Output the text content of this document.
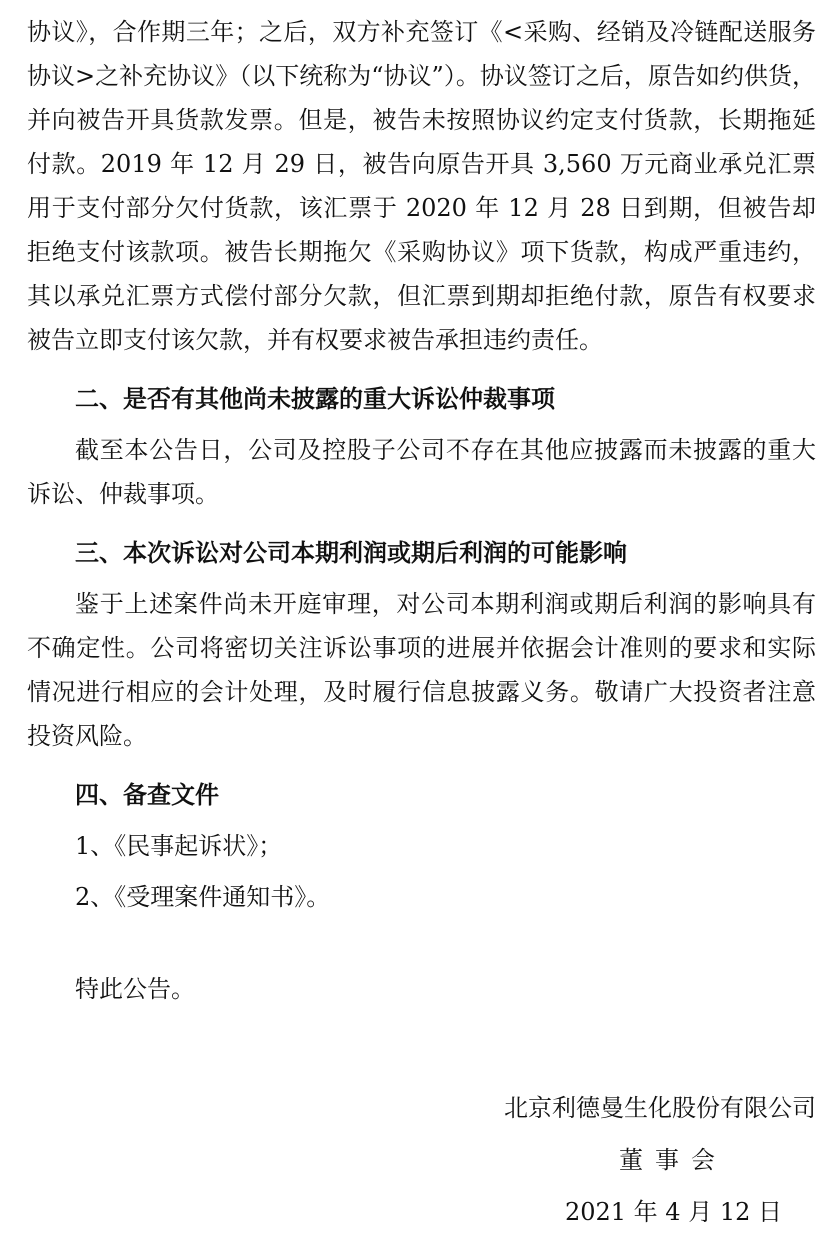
协议》，合作期三年；之后，双方补充签订《<采购、经销及冷链配送服务协议>之补充协议》（以下统称为“协议”）。协议签订之后，原告如约供货，并向被告开具货款发票。但是，被告未按照协议约定支付货款，长期拖延付款。2019 年 12 月 29 日，被告向原告开具 3,560 万元商业承兑汇票用于支付部分欠付货款，该汇票于 2020 年 12 月 28 日到期，但被告却拒绝支付该款项。被告长期拖欠《采购协议》项下货款，构成严重违约，其以承兑汇票方式偿付部分欠款，但汇票到期却拒绝付款，原告有权要求被告立即支付该欠款，并有权要求被告承担违约责任。

二、是否有其他尚未披露的重大诉讼仲裁事项

截至本公告日，公司及控股子公司不存在其他应披露而未披露的重大诉讼、仲裁事项。

三、本次诉讼对公司本期利润或期后利润的可能影响

鉴于上述案件尚未开庭审理，对公司本期利润或期后利润的影响具有不确定性。公司将密切关注诉讼事项的进展并依据会计准则的要求和实际情况进行相应的会计处理，及时履行信息披露义务。敬请广大投资者注意投资风险。

四、备查文件

1、《民事起诉状》；

2、《受理案件通知书》。

特此公告。

北京利德曼生化股份有限公司
董事会
2021 年 4 月 12 日
